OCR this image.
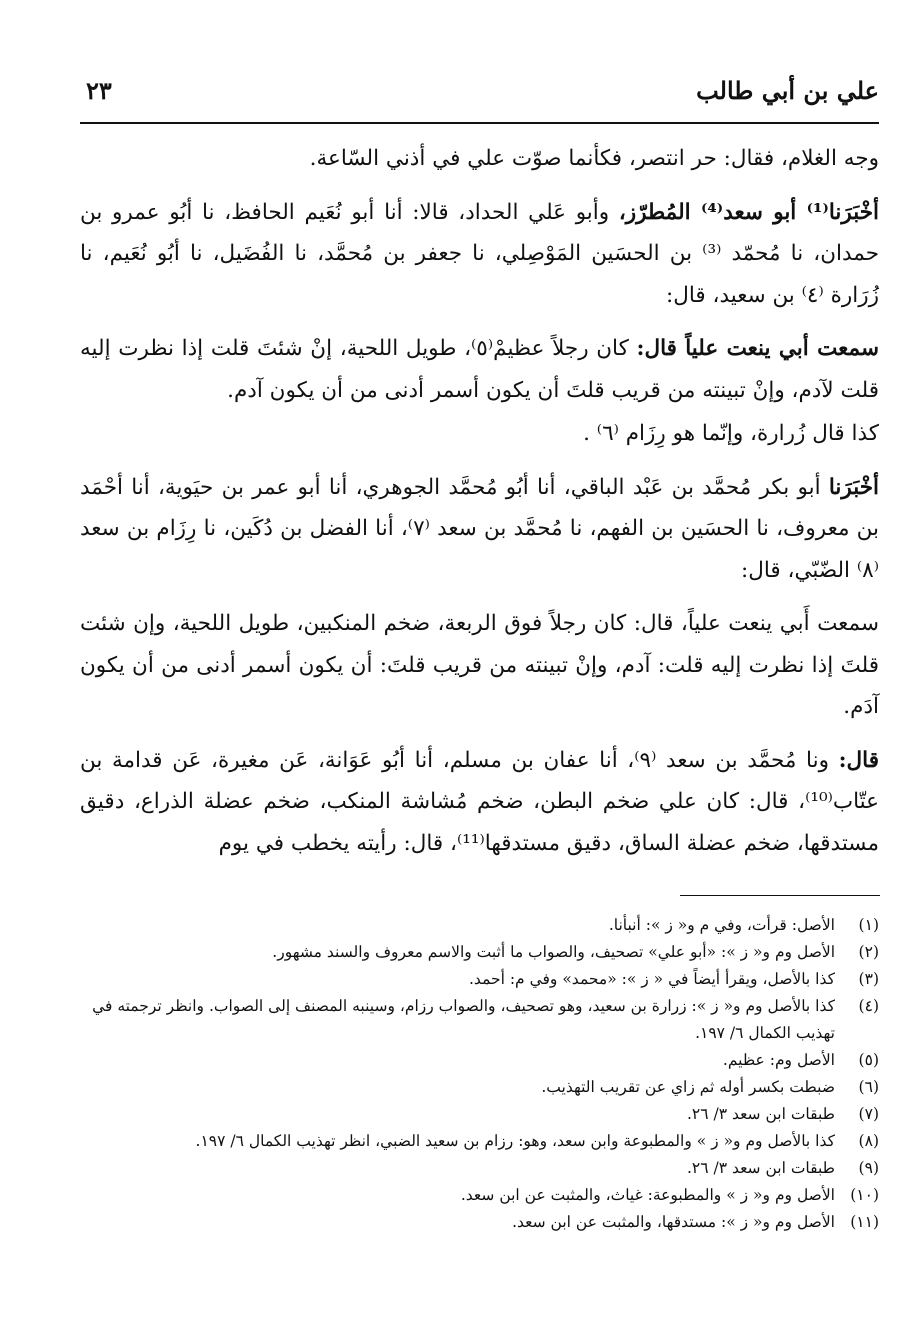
علي بن أبي طالب
٢٣

وجه الغلام، فقال: حر انتصر، فكأنما صوّت علي في أذني السّاعة.

أخْبَرَنا⁽¹⁾ أبو سعد⁽⁴⁾ المُطرّز، وأبو عَلي الحداد، قالا: أنا أبو نُعَيم الحافظ، نا أبُو عمرو بن حمدان، نا مُحمّد ⁽³⁾ بن الحسَين المَوْصِلي، نا جعفر بن مُحمَّد، نا الفُضَيل، نا أبُو نُعَيم، نا زُرَارة ⁽٤⁾ بن سعيد، قال:

سمعت أبي ينعت علياً قال: كان رجلاً عظيمْ⁽٥⁾، طويل اللحية، إنْ شئتَ قلت إذا نظرت إليه قلت لآدم، وإنْ تبينته من قريب قلتَ أن يكون أسمر أدنى من أن يكون آدم.

كذا قال زُرارة، وإنّما هو رِزَام ⁽٦⁾ .

أخْبَرَنا أبو بكر مُحمَّد بن عَبْد الباقي، أنا أبُو مُحمَّد الجوهري، أنا أبو عمر بن حيَوية، أنا أحْمَد بن معروف، نا الحسَين بن الفهم، نا مُحمَّد بن سعد ⁽٧⁾، أنا الفضل بن دُكَين، نا رِزَام بن سعد ⁽٨⁾ الضّبّي، قال:

سمعت أَبي ينعت علياً، قال: كان رجلاً فوق الربعة، ضخم المنكبين، طويل اللحية، وإن شئت قلتَ إذا نظرت إليه قلت: آدم، وإنْ تبينته من قريب قلتَ: أن يكون أسمر أدنى من أن يكون آدَم.

قال: ونا مُحمَّد بن سعد ⁽٩⁾، أنا عفان بن مسلم، أنا أبُو عَوَانة، عَن مغيرة، عَن قدامة بن عتّاب⁽¹⁰⁾، قال: كان علي ضخم البطن، ضخم مُشاشة المنكب، ضخم عضلة الذراع، دقيق مستدقها، ضخم عضلة الساق، دقيق مستدقها⁽¹¹⁾، قال: رأيته يخطب في يوم

(١)
الأصل: قرأت، وفي م و« ز »: أنبأنا.
(٢)
الأصل وم و« ز »: «أبو علي» تصحيف، والصواب ما أثبت والاسم معروف والسند مشهور.
(٣)
كذا بالأصل، ويقرأ أيضاً في « ز »: «محمد» وفي م: أحمد.
(٤)
كذا بالأصل وم و« ز »: زرارة بن سعيد، وهو تصحيف، والصواب رزام، وسينبه المصنف إلى الصواب. وانظر ترجمته في تهذيب الكمال ٦/ ١٩٧.
(٥)
الأصل وم: عظيم.
(٦)
ضبطت بكسر أوله ثم زاي عن تقريب التهذيب.
(٧)
طبقات ابن سعد ٣/ ٢٦.
(٨)
كذا بالأصل وم و« ز » والمطبوعة وابن سعد، وهو: رزام بن سعيد الضبي، انظر تهذيب الكمال ٦/ ١٩٧.
(٩)
طبقات ابن سعد ٣/ ٢٦.
(١٠)
الأصل وم و« ز » والمطبوعة: غياث، والمثبت عن ابن سعد.
(١١)
الأصل وم و« ز »: مستدقها، والمثبت عن ابن سعد.
